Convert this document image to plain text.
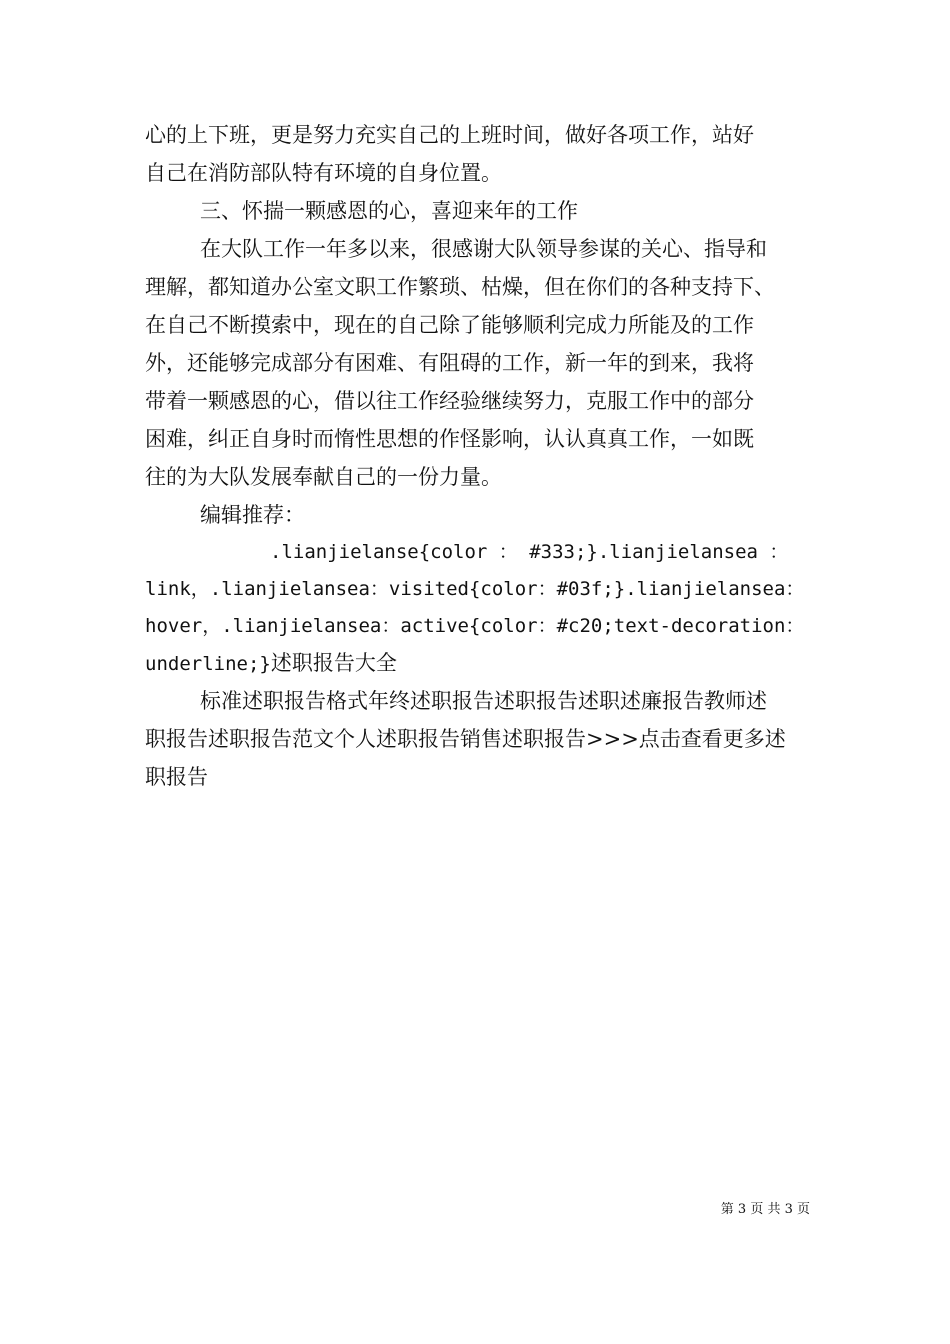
心的上下班，更是努力充实自己的上班时间，做好各项工作，站好
自己在消防部队特有环境的自身位置。
三、怀揣一颗感恩的心，喜迎来年的工作
在大队工作一年多以来，很感谢大队领导参谋的关心、指导和
理解，都知道办公室文职工作繁琐、枯燥，但在你们的各种支持下、
在自己不断摸索中，现在的自己除了能够顺利完成力所能及的工作
外，还能够完成部分有困难、有阻碍的工作，新一年的到来，我将
带着一颗感恩的心，借以往工作经验继续努力，克服工作中的部分
困难，纠正自身时而惰性思想的作怪影响，认认真真工作，一如既
往的为大队发展奉献自己的一份力量。
编辑推荐：
.lianjielanse{color ： #333;}.lianjielansea ：
link，.lianjielansea：visited{color：#03f;}.lianjielansea：
hover，.lianjielansea：active{color：#c20;text-decoration：
underline;}述职报告大全
标准述职报告格式年终述职报告述职报告述职述廉报告教师述
职报告述职报告范文个人述职报告销售述职报告>>>点击查看更多述
职报告
第 3 页 共 3 页
